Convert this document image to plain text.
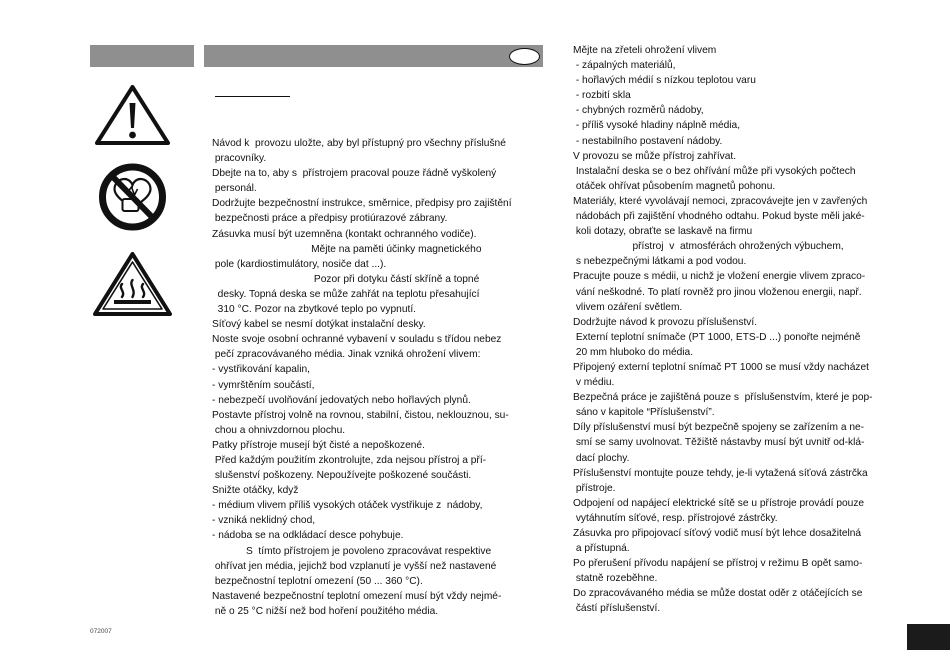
Návod k  provozu uložte, aby byl přístupný pro všechny příslušné

pracovníky.

Dbejte na to, aby s  přístrojem pracoval pouze řádně vyškolený

personál.

Dodržujte bezpečnostní instrukce, směrnice, předpisy pro zajištění

bezpečnosti práce a předpisy protiúrazové zábrany.

Zásuvka musí být uzemněna (kontakt ochranného vodiče).

Mějte na paměti účinky magnetického

pole (kardiostimulátory, nosiče dat ...).

Pozor při dotyku částí skříně a topné

desky. Topná deska se může zahřát na teplotu přesahující

310 °C. Pozor na zbytkové teplo po vypnutí.

Síťový kabel se nesmí dotýkat instalační desky.

Noste svoje osobní ochranné vybavení v souladu s třídou nebez

pečí zpracovávaného média. Jinak vzniká ohrožení vlivem:

- vystřikování kapalin,

- vymrštěním součástí,

- nebezpečí uvolňování jedovatých nebo hořlavých plynů.

Postavte přístroj volně na rovnou, stabilní, čistou, neklouznou, su-

chou a ohnivzdornou plochu.

Patky přístroje musejí být čisté a nepoškozené.

Před každým použitím zkontrolujte, zda nejsou přístroj a pří-

slušenství poškozeny. Nepoužívejte poškozené součásti.

Snižte otáčky, když

- médium vlivem příliš vysokých otáček vystřikuje z  nádoby,

- vzniká neklidný chod,

- nádoba se na odkládací desce pohybuje.

S  tímto přístrojem je povoleno zpracovávat respektive

ohřívat jen média, jejichž bod vzplanutí je vyšší než nastavené

bezpečnostní teplotní omezení (50 ... 360 °C).

Nastavené bezpečnostní teplotní omezení musí být vždy nejmé-

ně o 25 °C nižší než bod hoření použitého média.

Mějte na zřeteli ohrožení vlivem

- zápalných materiálů,

- hořlavých médií s nízkou teplotou varu

- rozbití skla

- chybných rozměrů nádoby,

- příliš vysoké hladiny náplně média,

- nestabilního postavení nádoby.

V provozu se může přístroj zahřívat.

Instalační deska se o bez ohřívání může při vysokých počtech

otáček ohřívat působením magnetů pohonu.

Materiály, které vyvolávají nemoci, zpracovávejte jen v zavřených

nádobách při zajištění vhodného odtahu. Pokud byste měli jaké-

koli dotazy, obraťte se laskavě na firmu

přístroj  v  atmosférách ohrožených výbuchem,

s nebezpečnými látkami a pod vodou.

Pracujte pouze s médii, u nichž je vložení energie vlivem zpraco-

vání neškodné. To platí rovněž pro jinou vloženou energii, např.

vlivem ozáření světlem.

Dodržujte návod k provozu příslušenství.

Externí teplotní snímače (PT 1000, ETS-D ...) ponořte nejméně

20 mm hluboko do média.

Připojený externí teplotní snímač PT 1000 se musí vždy nacházet

v médiu.

Bezpečná práce je zajištěná pouze s  příslušenstvím, které je pop-

sáno v kapitole “Příslušenství”.

Díly příslušenství musí být bezpečně spojeny se zařízením a ne-

smí se samy uvolnovat. Těžiště nástavby musí být uvnitř od-klá-

dací plochy.

Příslušenství montujte pouze tehdy, je-li vytažená síťová zástrčka

přístroje.

Odpojení od napájecí elektrické sítě se u přístroje provádí pouze

vytáhnutím síťové, resp. přístrojové zástrčky.

Zásuvka pro připojovací síťový vodič musí být lehce dosažitelná

a přístupná.

Po přerušení přívodu napájení se přístroj v režimu B opět samo-

statně rozeběhne.

Do zpracovávaného média se může dostat oděr z otáčejících se

částí příslušenství.

072007
